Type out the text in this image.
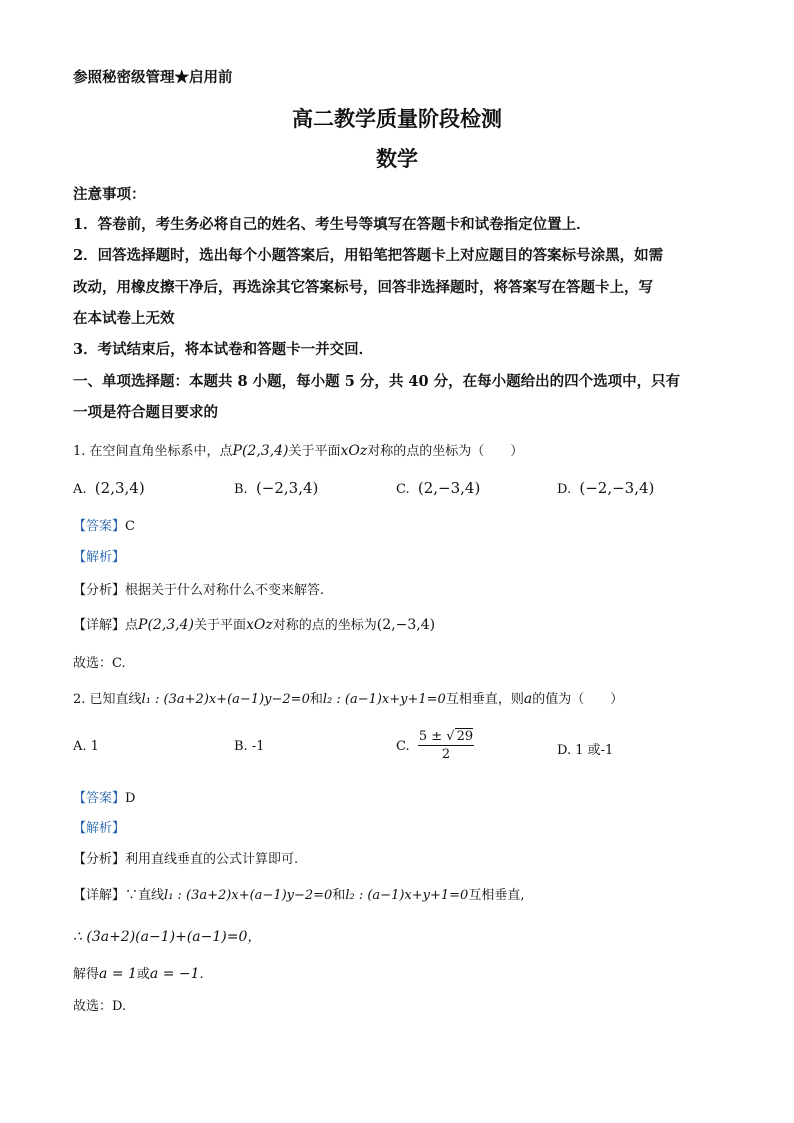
参照秘密级管理★启用前
高二教学质量阶段检测
数学
注意事项：
1．答卷前，考生务必将自己的姓名、考生号等填写在答题卡和试卷指定位置上．
2．回答选择题时，选出每个小题答案后，用铅笔把答题卡上对应题目的答案标号涂黑，如需
改动，用橡皮擦干净后，再选涂其它答案标号，回答非选择题时，将答案写在答题卡上，写
在本试卷上无效
3．考试结束后，将本试卷和答题卡一并交回．
一、单项选择题：本题共 8 小题，每小题 5 分，共 40 分，在每小题给出的四个选项中，只有
一项是符合题目要求的
1. 在空间直角坐标系中，点P(2,3,4)关于平面xOz对称的点的坐标为（　　）
A. (2,3,4)	B. (−2,3,4)	C. (2,−3,4)	D. (−2,−3,4)
【答案】C
【解析】
【分析】根据关于什么对称什么不变来解答.
【详解】点P(2,3,4)关于平面xOz对称的点的坐标为(2,−3,4)
故选：C.
2. 已知直线l₁ : (3a+2)x+(a−1)y−2=0和l₂ : (a−1)x+y+1=0互相垂直，则a的值为（　　）
A. 1	B. -1	C.
5 ± √ 29
2	D. 1 或-1
【答案】D
【解析】
【分析】利用直线垂直的公式计算即可.
【详解】∵直线l₁ : (3a+2)x+(a−1)y−2=0和l₂ : (a−1)x+y+1=0互相垂直,
∴ (3a+2)(a−1)+(a−1)=0，
解得a = 1或a = −1.
故选：D.
